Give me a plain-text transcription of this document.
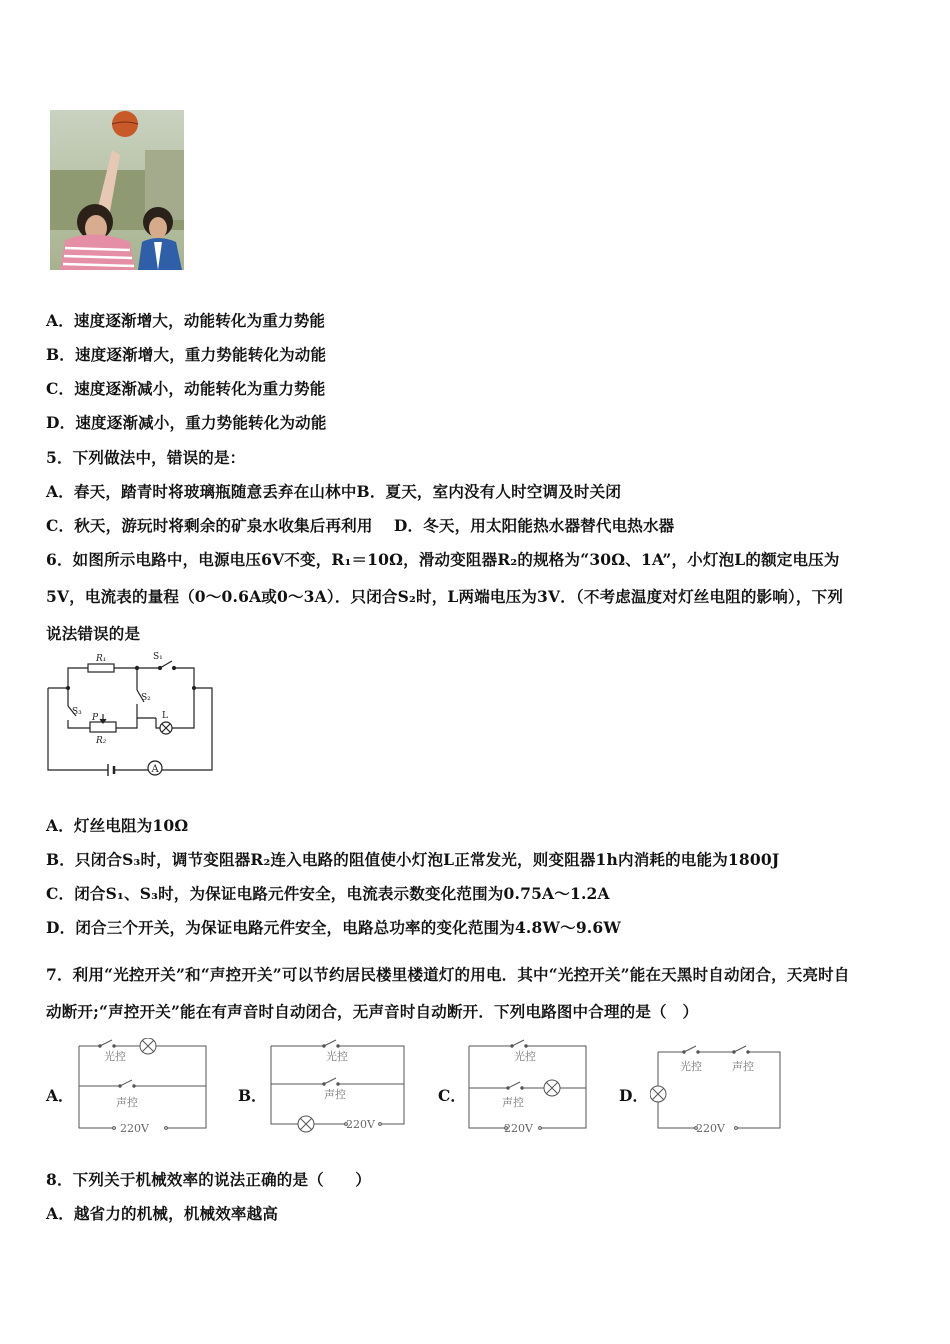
A．速度逐渐增大，动能转化为重力势能
B．速度逐渐增大，重力势能转化为动能
C．速度逐渐减小，动能转化为重力势能
D．速度逐渐减小，重力势能转化为动能
5．下列做法中，错误的是：
A．春天，踏青时将玻璃瓶随意丢弃在山林中B．夏天，室内没有人时空调及时关闭
C．秋天，游玩时将剩余的矿泉水收集后再利用　 D．冬天，用太阳能热水器替代电热水器
6．如图所示电路中，电源电压6V不变，R₁＝10Ω，滑动变阻器R₂的规格为“30Ω、1A”，小灯泡L的额定电压为
5V，电流表的量程（0～0.6A或0～3A）．只闭合S₂时，L两端电压为3V．（不考虑温度对灯丝电阻的影响），下列
说法错误的是
A
R₁	S₁
S₂
S₃
P
R₂
L
A．灯丝电阻为10Ω
B．只闭合S₃时，调节变阻器R₂连入电路的阻值使小灯泡L正常发光，则变阻器1h内消耗的电能为1800J
C．闭合S₁、S₃时，为保证电路元件安全，电流表示数变化范围为0.75A～1.2A
D．闭合三个开关，为保证电路元件安全，电路总功率的变化范围为4.8W～9.6W
7．利用“光控开关”和“声控开关”可以节约居民楼里楼道灯的用电．其中“光控开关”能在天黑时自动闭合，天亮时自
动断开;“声控开关”能在有声音时自动闭合，无声音时自动断开．下列电路图中合理的是（　）
A．	B．	C．	D．
光控
声控
220V
光控
声控
220V
光控
声控
220V
光控	声控
220V
8．下列关于机械效率的说法正确的是（　　）
A．越省力的机械，机械效率越高
